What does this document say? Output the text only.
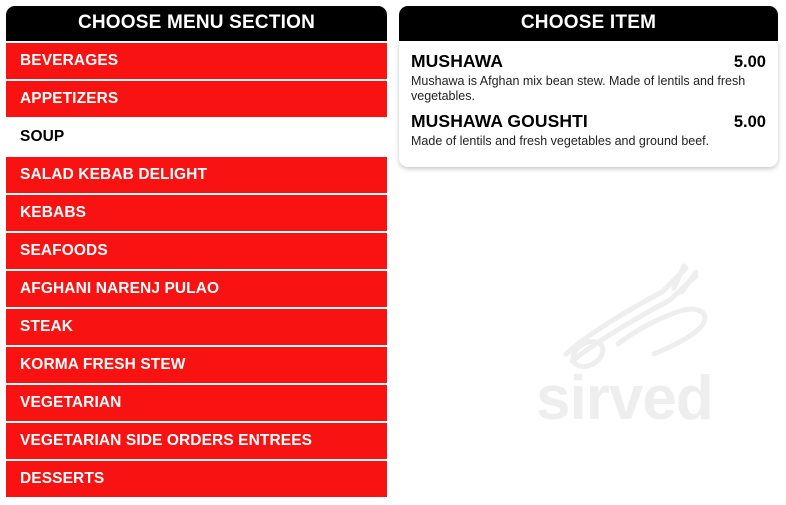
CHOOSE MENU SECTION
BEVERAGES
APPETIZERS
SOUP
SALAD KEBAB DELIGHT
KEBABS
SEAFOODS
AFGHANI NARENJ PULAO
STEAK
KORMA FRESH STEW
VEGETARIAN
VEGETARIAN SIDE ORDERS ENTREES
DESSERTS
CHOOSE ITEM
MUSHAWA	5.00
Mushawa is Afghan mix bean stew. Made of lentils and fresh vegetables.
MUSHAWA GOUSHTI	5.00
Made of lentils and fresh vegetables and ground beef.
sirved
